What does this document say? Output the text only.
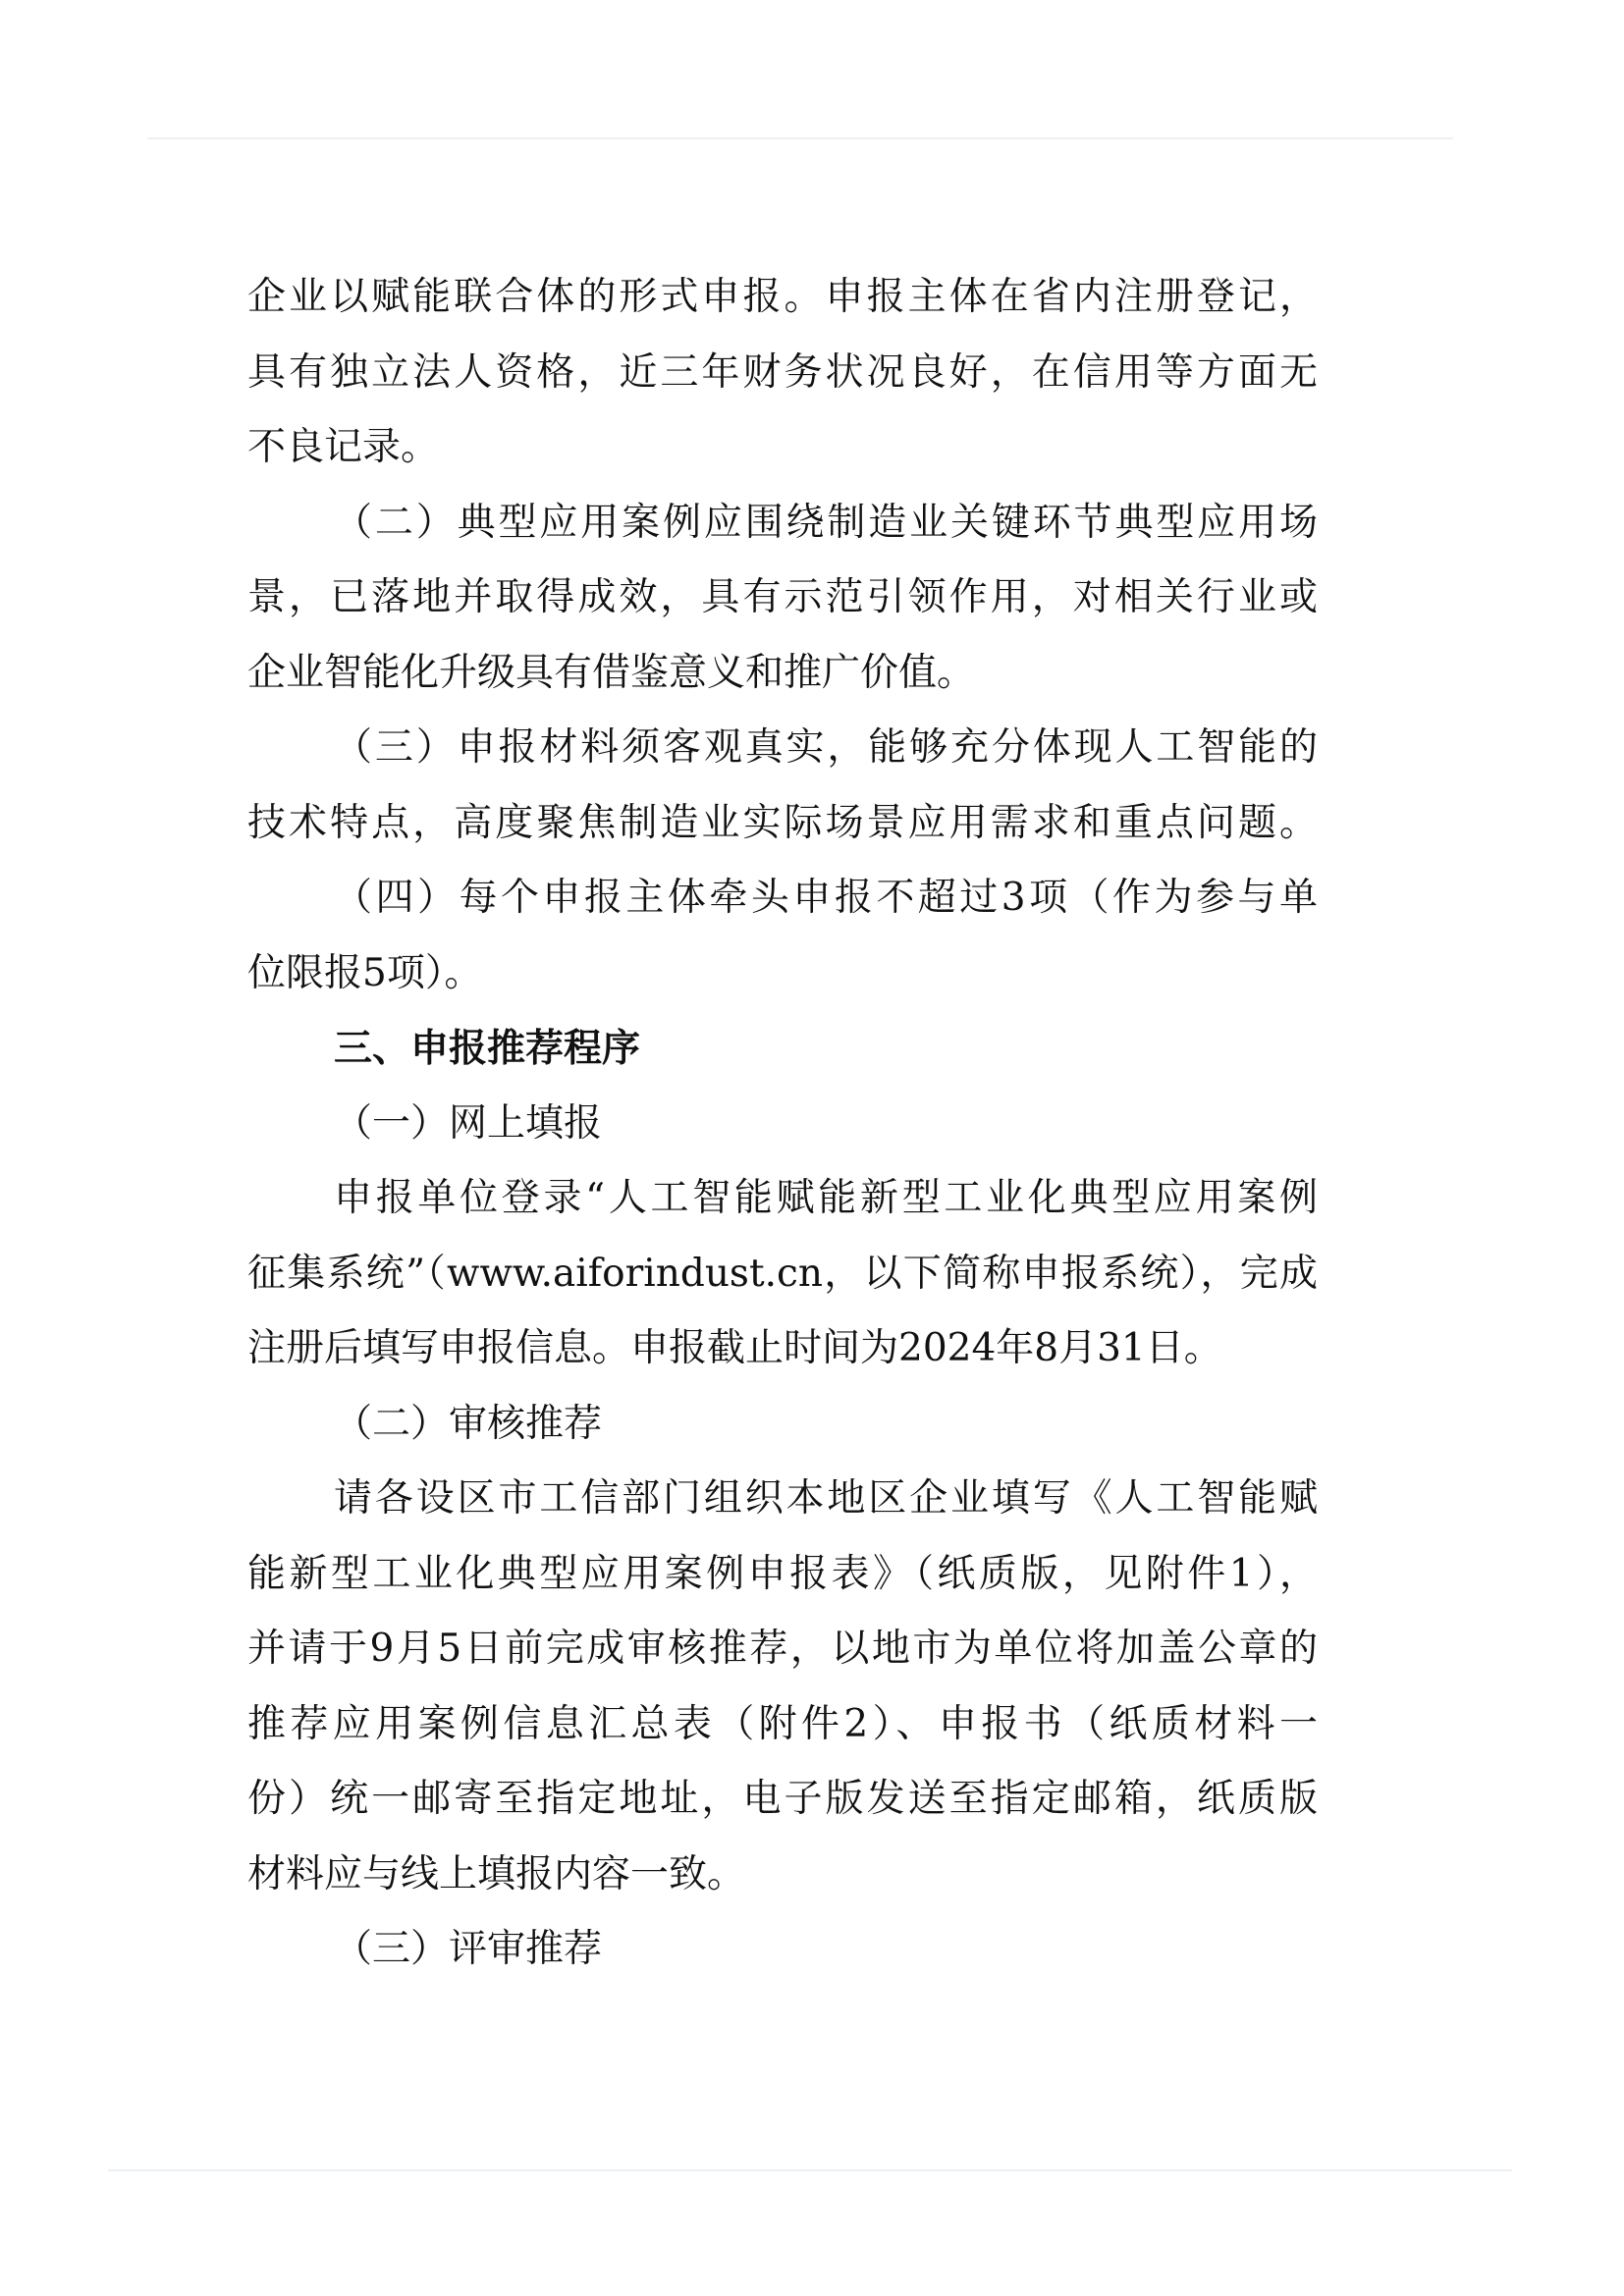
企业以赋能联合体的形式申报。申报主体在省内注册登记，
具有独立法人资格，近三年财务状况良好，在信用等方面无
不良记录。
（二）典型应用案例应围绕制造业关键环节典型应用场
景，已落地并取得成效，具有示范引领作用，对相关行业或
企业智能化升级具有借鉴意义和推广价值。
（三）申报材料须客观真实，能够充分体现人工智能的
技术特点，高度聚焦制造业实际场景应用需求和重点问题。
（四）每个申报主体牵头申报不超过3项（作为参与单
位限报5项）。
三、申报推荐程序
（一）网上填报
申报单位登录“人工智能赋能新型工业化典型应用案例
征集系统”（www.aiforindust.cn，以下简称申报系统），完成
注册后填写申报信息。申报截止时间为2024年8月31日。
（二）审核推荐
请各设区市工信部门组织本地区企业填写《人工智能赋
能新型工业化典型应用案例申报表》（纸质版，见附件1），
并请于9月5日前完成审核推荐，以地市为单位将加盖公章的
推荐应用案例信息汇总表（附件2）、申报书（纸质材料一
份）统一邮寄至指定地址，电子版发送至指定邮箱，纸质版
材料应与线上填报内容一致。
（三）评审推荐
